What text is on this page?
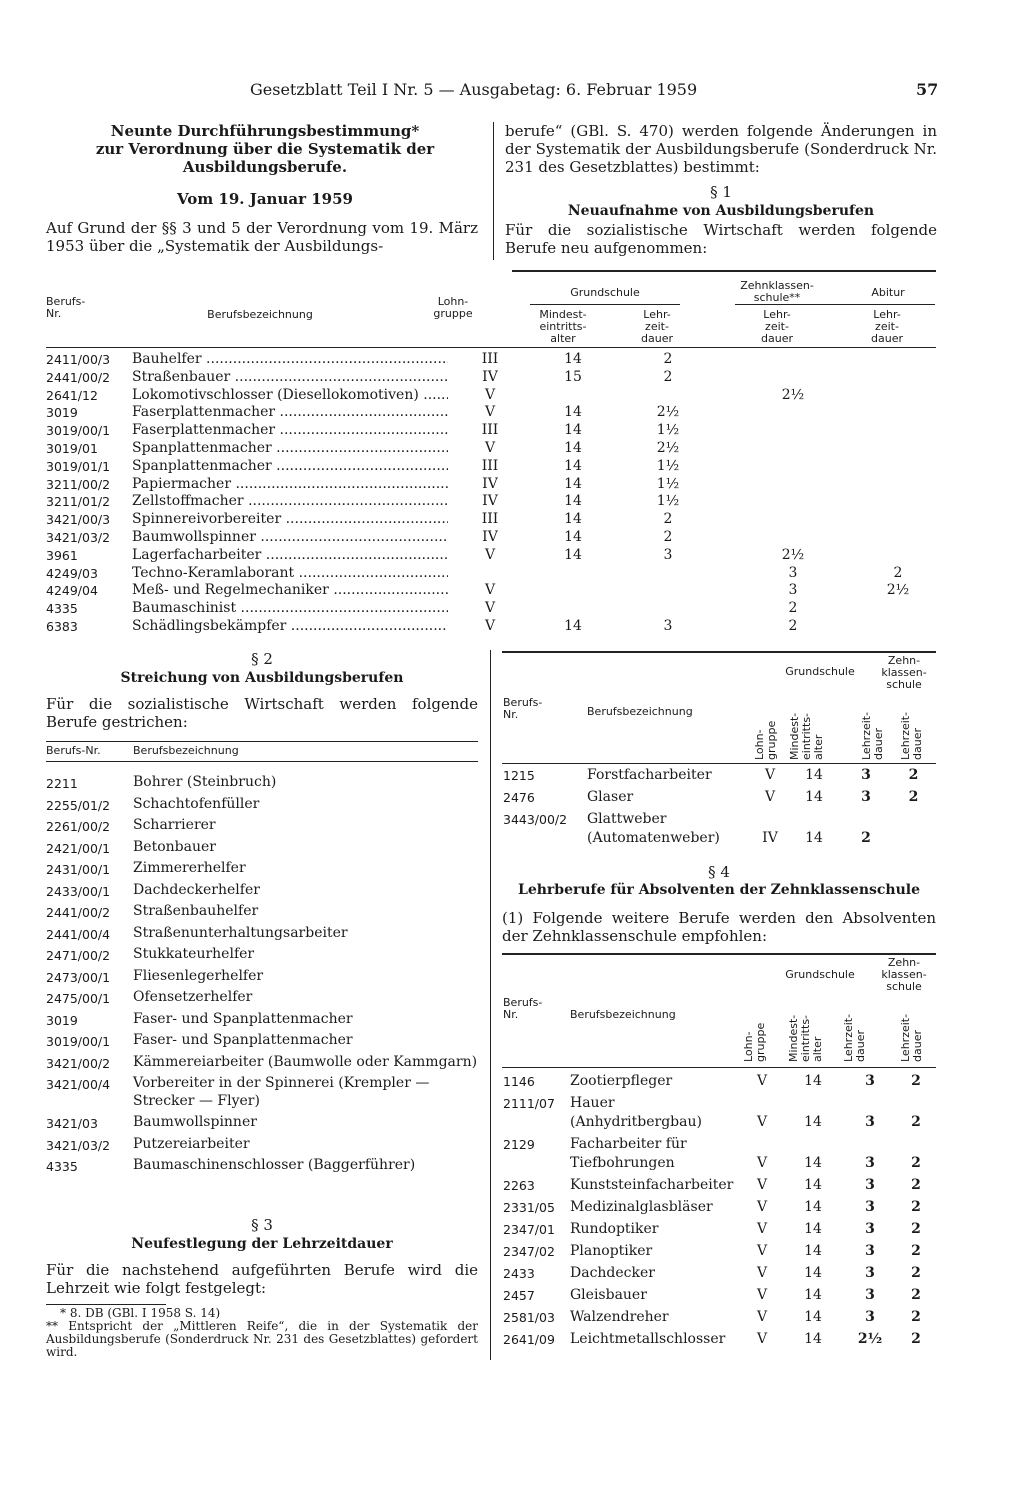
Gesetzblatt Teil I Nr. 5 — Ausgabetag: 6. Februar 1959	57
Neunte Durchführungsbestimmung*
zur Verordnung über die Systematik der
Ausbildungsberufe.
Vom 19. Januar 1959
Auf Grund der §§ 3 und 5 der Verordnung vom 19. März 1953 über die „Systematik der Ausbildungs-
berufe“ (GBl. S. 470) werden folgende Änderungen in der Systematik der Ausbildungsberufe (Sonderdruck Nr. 231 des Gesetzblattes) bestimmt:
§ 1
Neuaufnahme von Ausbildungsberufen
Für die sozialistische Wirtschaft werden folgende Berufe neu aufgenommen:
Berufs-
Nr.	Berufsbezeichnung
Lohn-
gruppe
Grundschule
Zehnklassen-
schule**	Abitur
Mindest-
eintritts-
alter
Lehr-
zeit-
dauer
Lehr-
zeit-
dauer
Lehr-
zeit-
dauer
2411/00/3	Bauhelfer .....	III	14	2		
2441/00/2	Straßenbauer .....	IV	15	2		
2641/12	Lokomotivschlosser (Diesellokomotiven) .....	V			2½	
3019	Faserplattenmacher .....	V	14	2½		
3019/00/1	Faserplattenmacher .....	III	14	1½		
3019/01	Spanplattenmacher .....	V	14	2½		
3019/01/1	Spanplattenmacher .....	III	14	1½		
3211/00/2	Papiermacher .....	IV	14	1½		
3211/01/2	Zellstoffmacher .....	IV	14	1½		
3421/00/3	Spinnereivorbereiter .....	III	14	2		
3421/03/2	Baumwollspinner .....	IV	14	2		
3961	Lagerfacharbeiter .....	V	14	3	2½	
4249/03	Techno-Keramlaborant .....				3	2
4249/04	Meß- und Regelmechaniker .....	V			3	2½
4335	Baumaschinist .....	V			2	
6383	Schädlingsbekämpfer .....	V	14	3	2	
§ 2
Streichung von Ausbildungsberufen
Für die sozialistische Wirtschaft werden folgende Berufe gestrichen:
Berufs-Nr.	Berufsbezeichnung
2211	Bohrer (Steinbruch)
2255/01/2	Schachtofenfüller
2261/00/2	Scharrierer
2421/00/1	Betonbauer
2431/00/1	Zimmererhelfer
2433/00/1	Dachdeckerhelfer
2441/00/2	Straßenbauhelfer
2441/00/4	Straßenunterhaltungsarbeiter
2471/00/2	Stukkateurhelfer
2473/00/1	Fliesenlegerhelfer
2475/00/1	Ofensetzerhelfer
3019	Faser- und Spanplattenmacher
3019/00/1	Faser- und Spanplattenmacher
3421/00/2	Kämmereiarbeiter (Baumwolle oder Kammgarn)
3421/00/4	Vorbereiter in der Spinnerei (Krempler — Strecker — Flyer)
3421/03	Baumwollspinner
3421/03/2	Putzereiarbeiter
4335	Baumaschinenschlosser (Baggerführer)
§ 3
Neufestlegung der Lehrzeitdauer
Für die nachstehend aufgeführten Berufe wird die Lehrzeit wie folgt festgelegt:
* 8. DB (GBl. I 1958 S. 14)
** Entspricht der „Mittleren Reife“, die in der Systematik der Ausbildungsberufe (Sonderdruck Nr. 231 des Gesetzblattes) gefordert wird.
Grundschule
Zehn-
klassen-
schule
Berufs-
Nr.	Berufsbezeichnung
Lohn-
gruppe Mindest-
eintritts-
alter	Lehrzeit-
dauer Lehrzeit-
dauer
1215	Forstfacharbeiter	V	14	3	2
2476	Glaser	V	14	3	2
3443/00/2	Glattweber (Automatenweber)	IV	14	2	
§ 4
Lehrberufe für Absolventen der Zehnklassenschule
(1) Folgende weitere Berufe werden den Absolventen der Zehnklassenschule empfohlen:
Grundschule
Zehn-
klassen-
schule
Berufs-
Nr.	Berufsbezeichnung
Lohn-
gruppe Mindest-
eintritts-
alter Lehrzeit-
dauer	Lehrzeit-
dauer
1146	Zootierpfleger	V	14	3	2
2111/07	Hauer (Anhydritbergbau)	V	14	3	2
2129	Facharbeiter für Tiefbohrungen	V	14	3	2
2263	Kunststeinfacharbeiter	V	14	3	2
2331/05	Medizinalglasbläser	V	14	3	2
2347/01	Rundoptiker	V	14	3	2
2347/02	Planoptiker	V	14	3	2
2433	Dachdecker	V	14	3	2
2457	Gleisbauer	V	14	3	2
2581/03	Walzendreher	V	14	3	2
2641/09	Leichtmetallschlosser	V	14	2½	2
